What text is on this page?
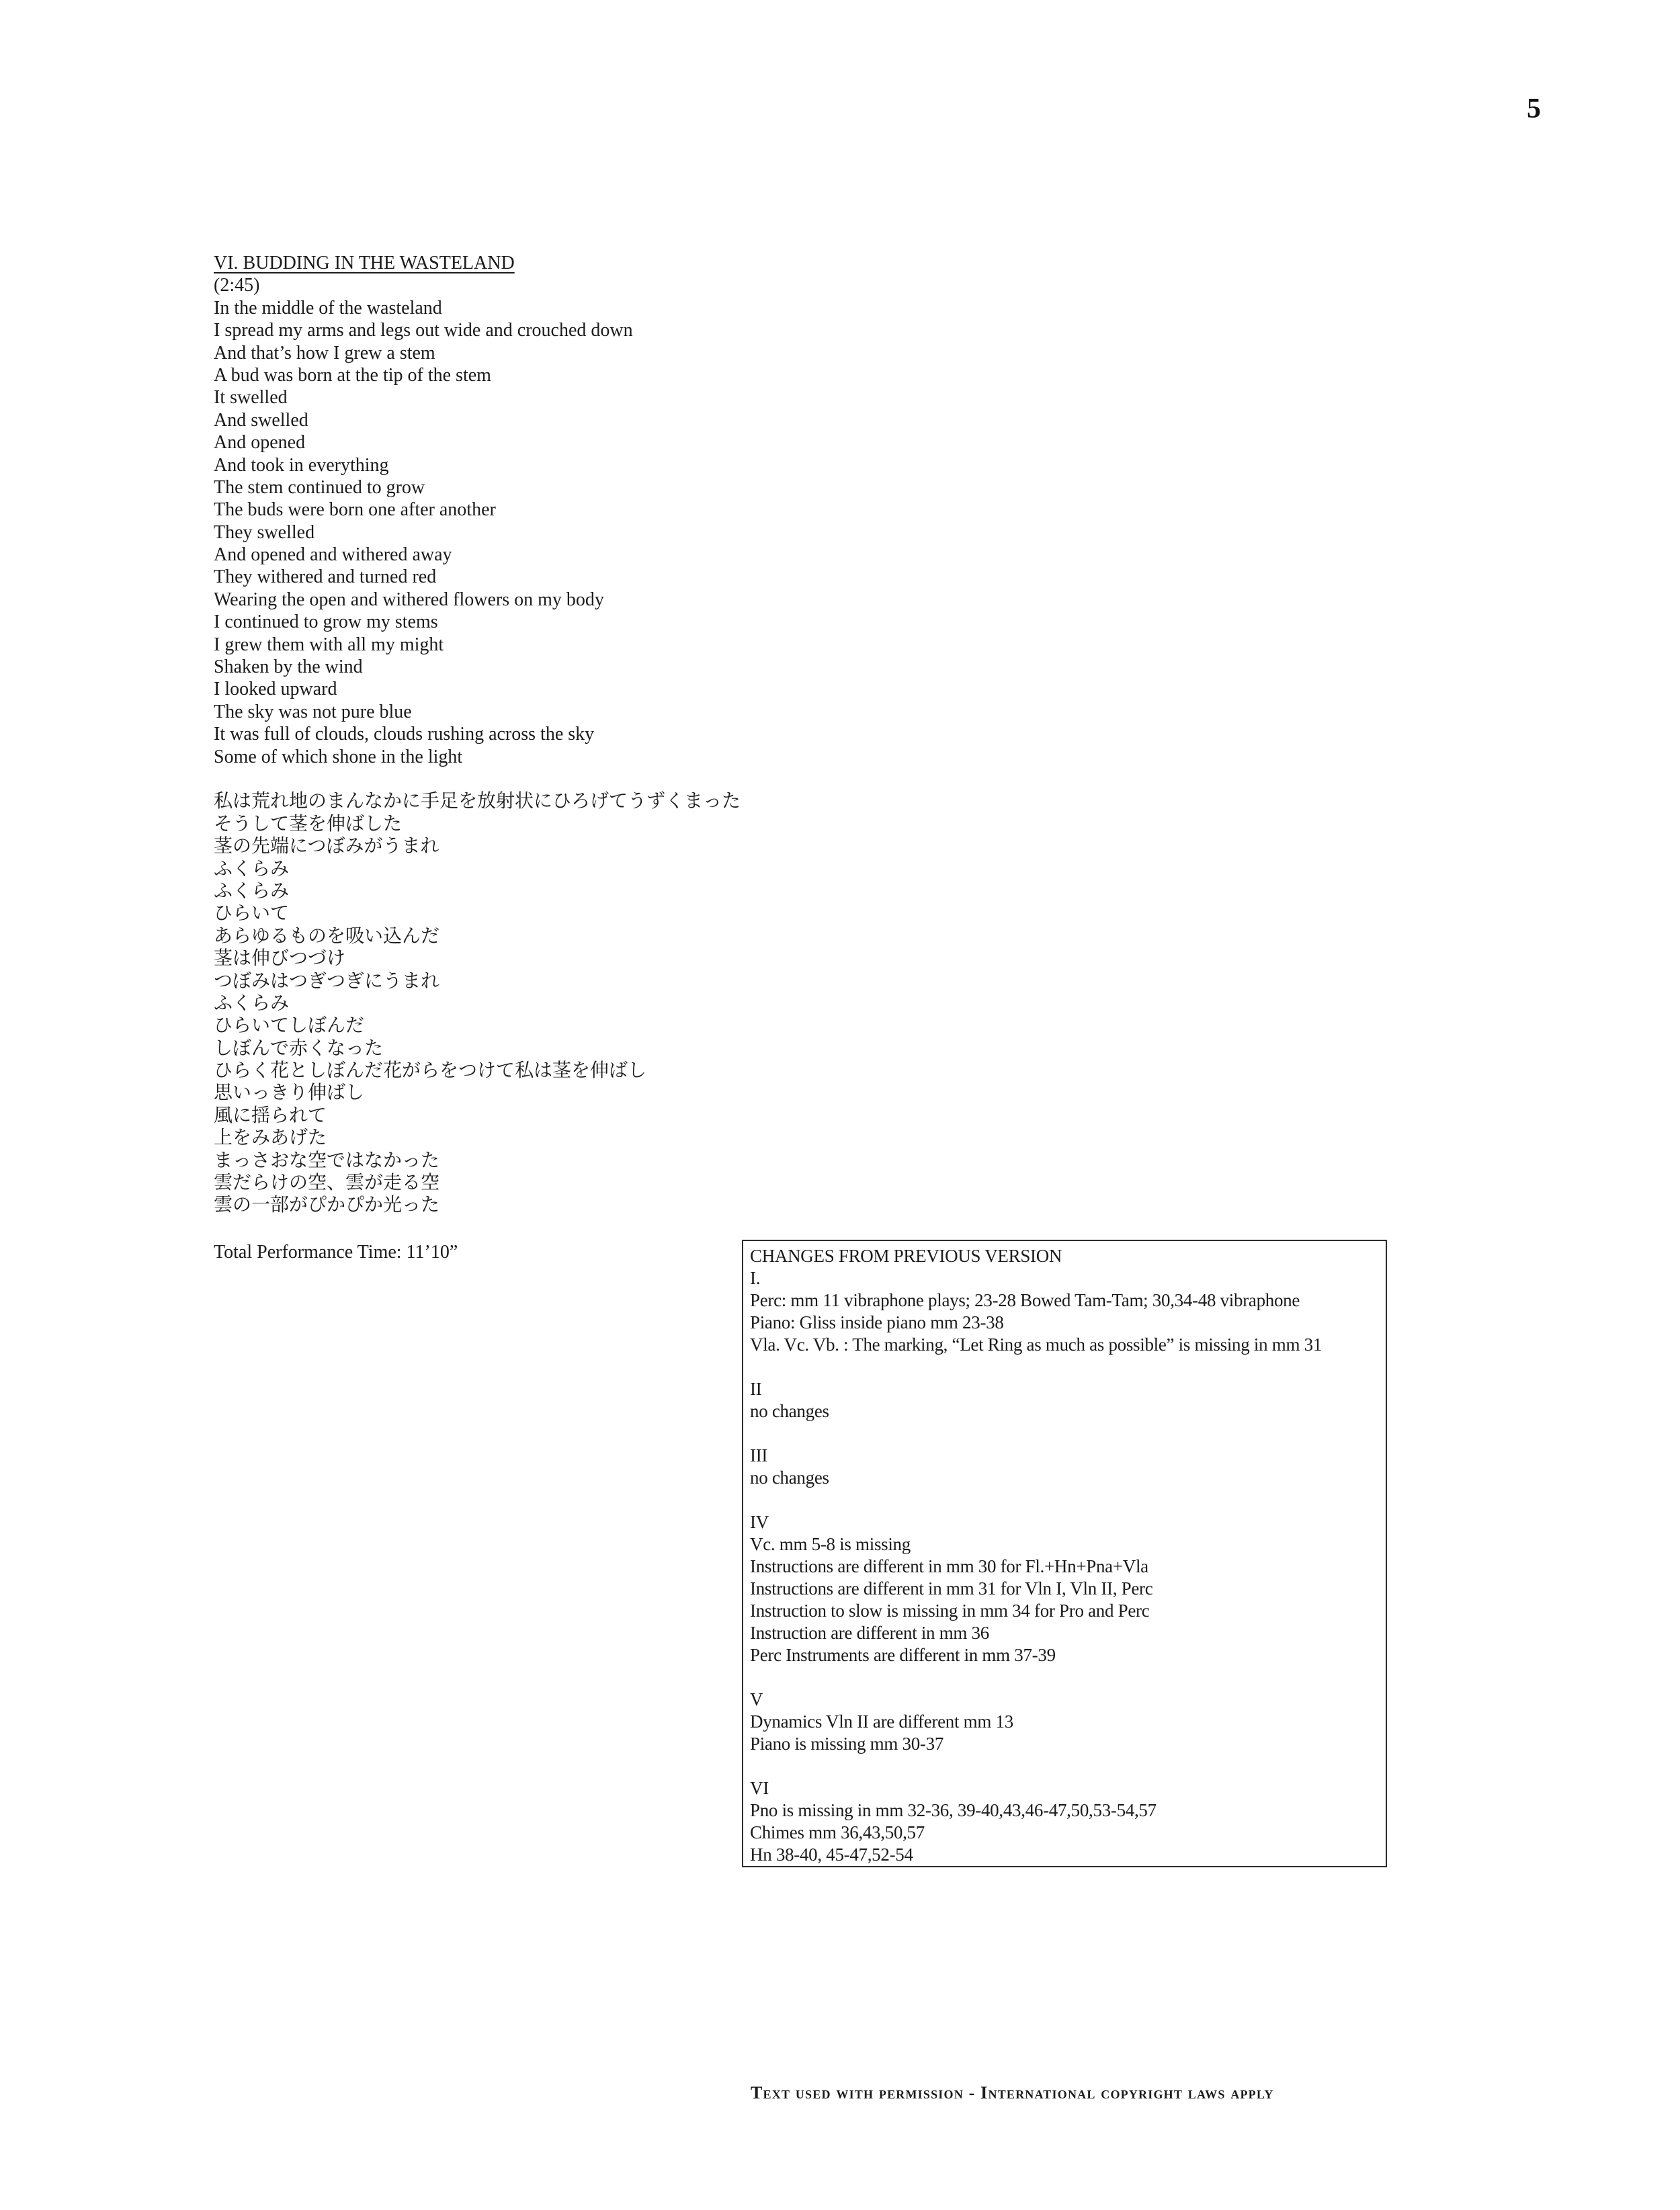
5
VI. BUDDING IN THE WASTELAND
(2:45)
In the middle of the wasteland
I spread my arms and legs out wide and crouched down
And that’s how I grew a stem
A bud was born at the tip of the stem
It swelled
And swelled
And opened
And took in everything
The stem continued to grow
The buds were born one after another
They swelled
And opened and withered away
They withered and turned red
Wearing the open and withered flowers on my body
I continued to grow my stems
I grew them with all my might
Shaken by the wind
I looked upward
The sky was not pure blue
It was full of clouds, clouds rushing across the sky
Some of which shone in the light
私は荒れ地のまんなかに手足を放射状にひろげてうずくまった
そうして茎を伸ばした
茎の先端につぼみがうまれ
ふくらみ
ふくらみ
ひらいて
あらゆるものを吸い込んだ
茎は伸びつづけ
つぼみはつぎつぎにうまれ
ふくらみ
ひらいてしぼんだ
しぼんで赤くなった
ひらく花としぼんだ花がらをつけて私は茎を伸ばし
思いっきり伸ばし
風に揺られて
上をみあげた
まっさおな空ではなかった
雲だらけの空、雲が走る空
雲の一部がぴかぴか光った
Total Performance Time: 11’10”	CHANGES FROM PREVIOUS VERSION
I.
Perc: mm 11 vibraphone plays; 23-28 Bowed Tam-Tam; 30,34-48 vibraphone
Piano: Gliss inside piano mm 23-38
Vla. Vc. Vb. : The marking, “Let Ring as much as possible” is missing in mm 31
II
no changes
III
no changes
IV
Vc. mm 5-8 is missing
Instructions are different in mm 30 for Fl.+Hn+Pna+Vla
Instructions are different in mm 31 for Vln I, Vln II, Perc
Instruction to slow is missing in mm 34 for Pro and Perc
Instruction are different in mm 36
Perc Instruments are different in mm 37-39
V
Dynamics Vln II are different mm 13
Piano is missing mm 30-37
VI
Pno is missing in mm 32-36, 39-40,43,46-47,50,53-54,57
Chimes mm 36,43,50,57
Hn 38-40, 45-47,52-54
Text used with permission - International copyright laws apply
